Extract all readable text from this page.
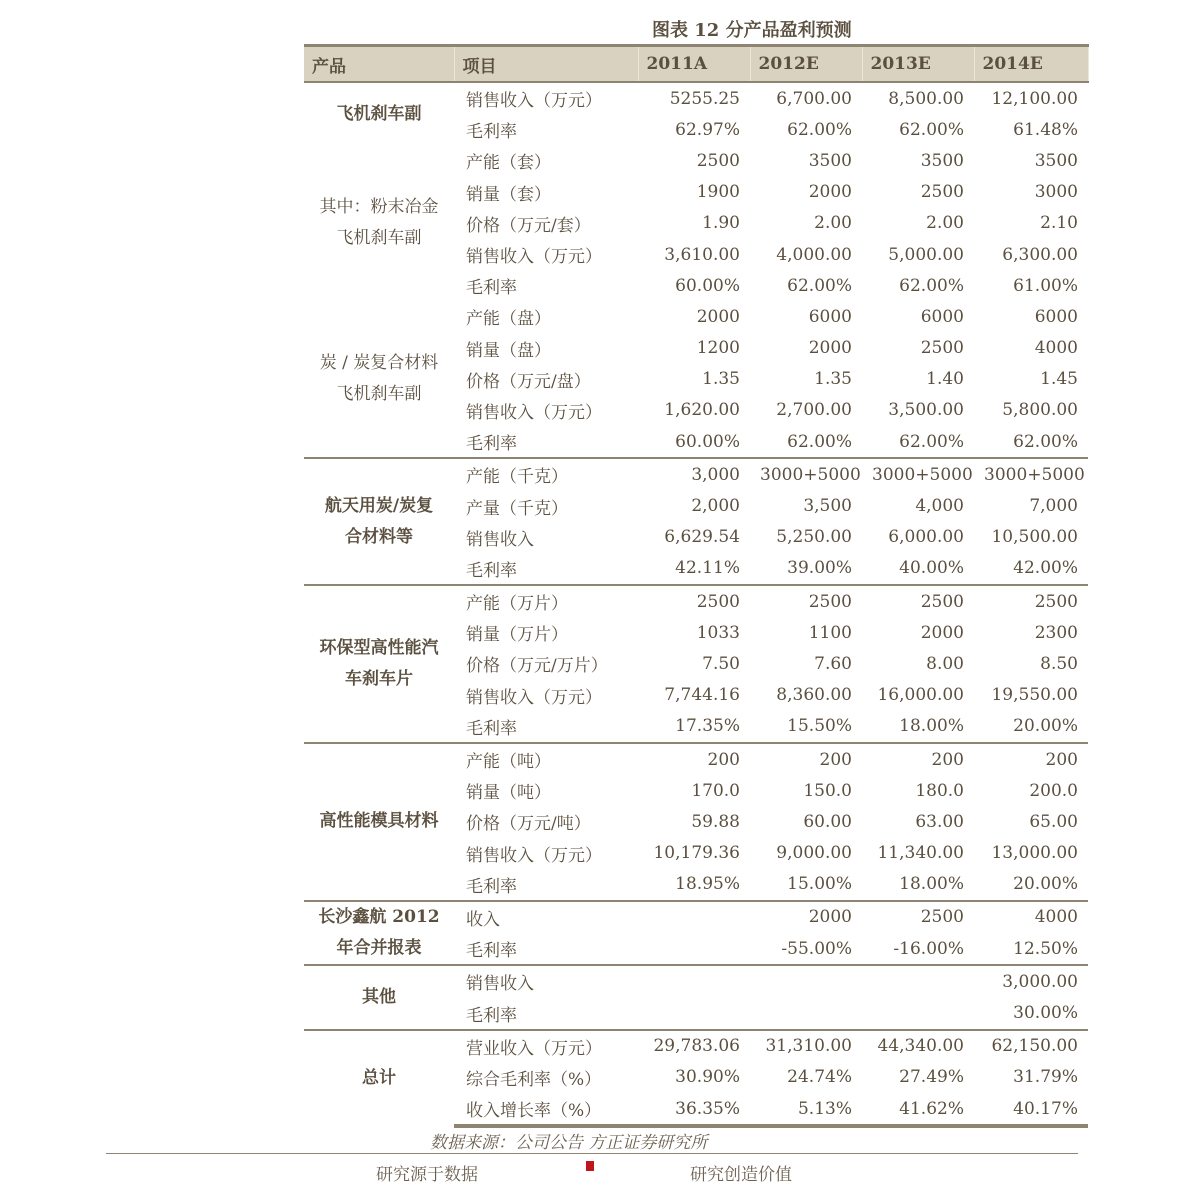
图表 12 分产品盈利预测
产品	项目	2011A	2012E	2013E	2014E

飞机刹车副	销售收入（万元）	5255.25	6,700.00	8,500.00	12,100.00
	毛利率	62.97%	62.00%	62.00%	61.48%

其中：粉末冶金
飞机刹车副	产能（套）	2500	3500	3500	3500
	销量（套）	1900	2000	2500	3000
	价格（万元/套）	1.90	2.00	2.00	2.10
	销售收入（万元）	3,610.00	4,000.00	5,000.00	6,300.00
	毛利率	60.00%	62.00%	62.00%	61.00%

炭 / 炭复合材料
飞机刹车副	产能（盘）	2000	6000	6000	6000
	销量（盘）	1200	2000	2500	4000
	价格（万元/盘）	1.35	1.35	1.40	1.45
	销售收入（万元）	1,620.00	2,700.00	3,500.00	5,800.00
	毛利率	60.00%	62.00%	62.00%	62.00%

航天用炭/炭复
合材料等	产能（千克）	3,000	3000+5000	3000+5000	3000+5000
	产量（千克）	2,000	3,500	4,000	7,000
	销售收入	6,629.54	5,250.00	6,000.00	10,500.00
	毛利率	42.11%	39.00%	40.00%	42.00%

环保型高性能汽
车刹车片	产能（万片）	2500	2500	2500	2500
	销量（万片）	1033	1100	2000	2300
	价格（万元/万片）	7.50	7.60	8.00	8.50
	销售收入（万元）	7,744.16	8,360.00	16,000.00	19,550.00
	毛利率	17.35%	15.50%	18.00%	20.00%

高性能模具材料	产能（吨）	200	200	200	200
	销量（吨）	170.0	150.0	180.0	200.0
	价格（万元/吨）	59.88	60.00	63.00	65.00
	销售收入（万元）	10,179.36	9,000.00	11,340.00	13,000.00
	毛利率	18.95%	15.00%	18.00%	20.00%

长沙鑫航 2012
年合并报表	收入		2000	2500	4000
	毛利率		-55.00%	-16.00%	12.50%

其他	销售收入				3,000.00
	毛利率				30.00%

总计	营业收入（万元）	29,783.06	31,310.00	44,340.00	62,150.00
	综合毛利率（%）	30.90%	24.74%	27.49%	31.79%
	收入增长率（%）	36.35%	5.13%	41.62%	40.17%
数据来源：公司公告 方正证券研究所
研究源于数据	研究创造价值
